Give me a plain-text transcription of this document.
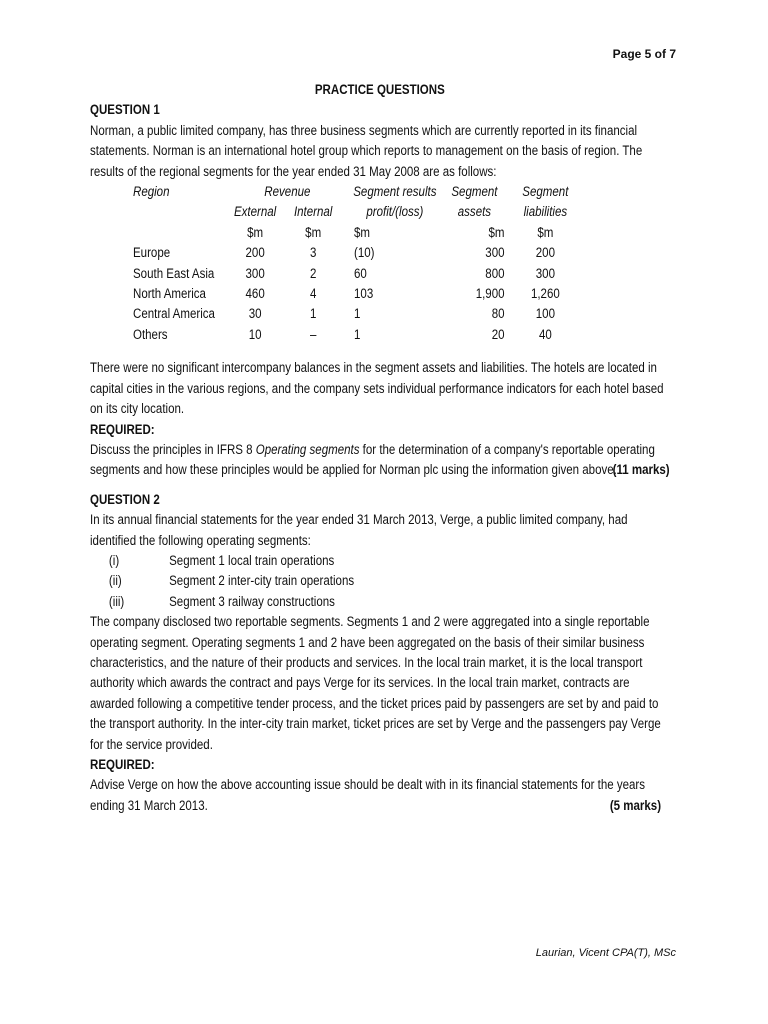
Page 5 of 7
PRACTICE QUESTIONS
QUESTION 1

Norman, a public limited company, has three business segments which are currently reported in its financial statements. Norman is an international hotel group which reports to management on the basis of region. The results of the regional segments for the year ended 31 May 2008 are as follows:

Region	Revenue		Segment results	Segment	Segment
	External	Internal	profit/(loss)	assets	liabilities
	$m	$m	$m	$m	$m
Europe	200	3	(10)	300	200
South East Asia	300	2	60	800	300
North America	460	4	103	1,900	1,260
Central America	30	1	1	80	100
Others	10	–	1	20	40

There were no significant intercompany balances in the segment assets and liabilities. The hotels are located in capital cities in the various regions, and the company sets individual performance indicators for each hotel based on its city location.

REQUIRED:

Discuss the principles in IFRS 8 Operating segments for the determination of a company's reportable operating segments and how these principles would be applied for Norman plc using the information given above.

(11 marks)
QUESTION 2

In its annual financial statements for the year ended 31 March 2013, Verge, a public limited company, had identified the following operating segments:

(i)	Segment 1 local train operations
(ii)	Segment 2 inter-city train operations
(iii)	Segment 3 railway constructions

The company disclosed two reportable segments. Segments 1 and 2 were aggregated into a single reportable operating segment. Operating segments 1 and 2 have been aggregated on the basis of their similar business characteristics, and the nature of their products and services. In the local train market, it is the local transport authority which awards the contract and pays Verge for its services. In the local train market, contracts are awarded following a competitive tender process, and the ticket prices paid by passengers are set by and paid to the transport authority. In the inter-city train market, ticket prices are set by Verge and the passengers pay Verge for the service provided.

REQUIRED:

Advise Verge on how the above accounting issue should be dealt with in its financial statements for the years ending 31 March 2013.	(5 marks)
Laurian, Vicent CPA(T), MSc
